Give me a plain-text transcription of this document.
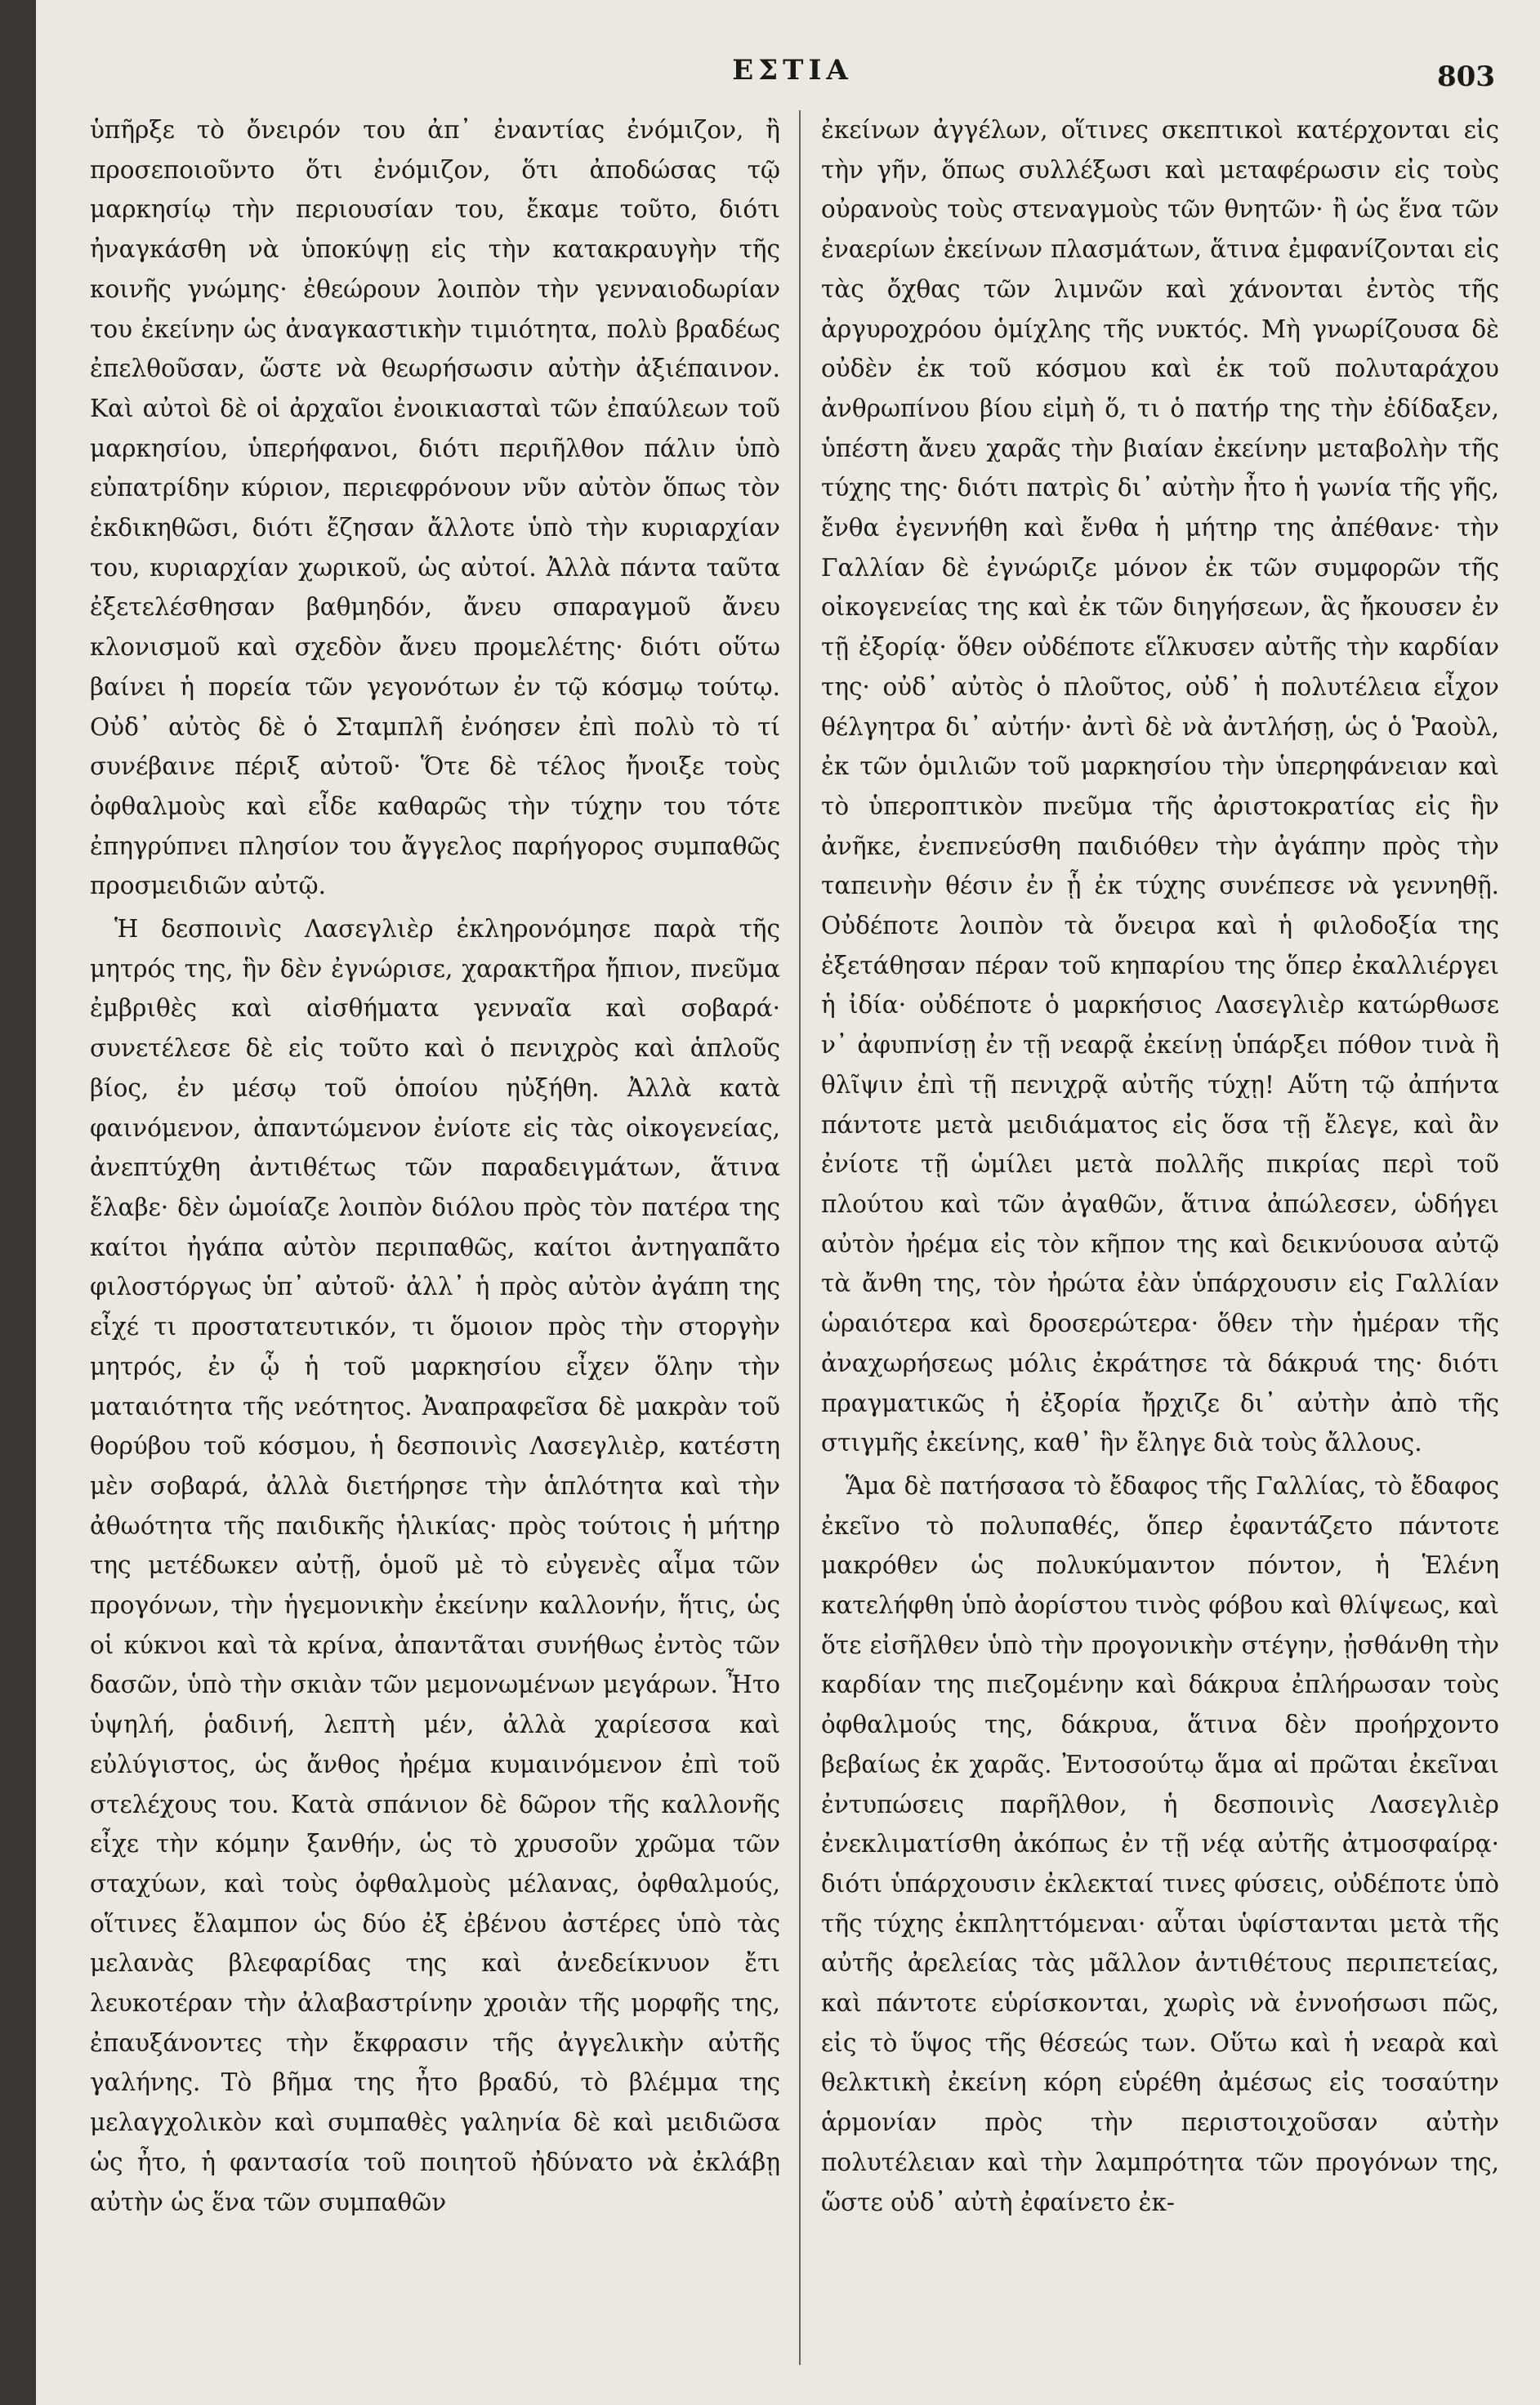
ΕΣΤΙΑ	803

ὑπῆρξε τὸ ὄνειρόν του ἀπ᾽ ἐναντίας ἐνόμιζον, ἢ προσεποιοῦντο ὅτι ἐνόμιζον, ὅτι ἀποδώσας τῷ μαρκησίῳ τὴν περιουσίαν του, ἔκαμε τοῦτο, διότι ἠναγκάσθη νὰ ὑποκύψῃ εἰς τὴν κατακραυγὴν τῆς κοινῆς γνώμης· ἐθεώρουν λοιπὸν τὴν γενναιοδωρίαν του ἐκείνην ὡς ἀναγκαστικὴν τιμιότητα, πολὺ βραδέως ἐπελθοῦσαν, ὥστε νὰ θεωρήσωσιν αὐτὴν ἀξιέπαινον. Καὶ αὐτοὶ δὲ οἱ ἀρχαῖοι ἐνοικιασταὶ τῶν ἐπαύλεων τοῦ μαρκησίου, ὑπερήφανοι, διότι περιῆλθον πάλιν ὑπὸ εὐπατρίδην κύριον, περιεφρόνουν νῦν αὐτὸν ὅπως τὸν ἐκδικηθῶσι, διότι ἔζησαν ἄλλοτε ὑπὸ τὴν κυριαρχίαν του, κυριαρχίαν χωρικοῦ, ὡς αὐτοί. Ἀλλὰ πάντα ταῦτα ἐξετελέσθησαν βαθμηδόν, ἄνευ σπαραγμοῦ ἄνευ κλονισμοῦ καὶ σχεδὸν ἄνευ προμελέτης· διότι οὕτω βαίνει ἡ πορεία τῶν γεγονότων ἐν τῷ κόσμῳ τούτῳ. Οὐδ᾽ αὐτὸς δὲ ὁ Σταμπλῆ ἐνόησεν ἐπὶ πολὺ τὸ τί συνέβαινε πέριξ αὐτοῦ· Ὅτε δὲ τέλος ἤνοιξε τοὺς ὀφθαλμοὺς καὶ εἶδε καθαρῶς τὴν τύχην του τότε ἐπηγρύπνει πλησίον του ἄγγελος παρήγορος συμπαθῶς προσμειδιῶν αὐτῷ.

Ἡ δεσποινὶς Λασεγλιὲρ ἐκληρονόμησε παρὰ τῆς μητρός της, ἣν δὲν ἐγνώρισε, χαρακτῆρα ἤπιον, πνεῦμα ἐμβριθὲς καὶ αἰσθήματα γενναῖα καὶ σοβαρά· συνετέλεσε δὲ εἰς τοῦτο καὶ ὁ πενιχρὸς καὶ ἁπλοῦς βίος, ἐν μέσῳ τοῦ ὁποίου ηὐξήθη. Ἀλλὰ κατὰ φαινόμενον, ἀπαντώμενον ἐνίοτε εἰς τὰς οἰκογενείας, ἀνεπτύχθη ἀντιθέτως τῶν παραδειγμάτων, ἅτινα ἔλαβε· δὲν ὡμοίαζε λοιπὸν διόλου πρὸς τὸν πατέρα της καίτοι ἠγάπα αὐτὸν περιπαθῶς, καίτοι ἀντηγαπᾶτο φιλοστόργως ὑπ᾽ αὐτοῦ· ἀλλ᾽ ἡ πρὸς αὐτὸν ἀγάπη της εἶχέ τι προστατευτικόν, τι ὅμοιον πρὸς τὴν στοργὴν μητρός, ἐν ᾧ ἡ τοῦ μαρκησίου εἶχεν ὅλην τὴν ματαιότητα τῆς νεότητος. Ἀναπραφεῖσα δὲ μακρὰν τοῦ θορύβου τοῦ κόσμου, ἡ δεσποινὶς Λασεγλιὲρ, κατέστη μὲν σοβαρά, ἀλλὰ διετήρησε τὴν ἁπλότητα καὶ τὴν ἀθωότητα τῆς παιδικῆς ἡλικίας· πρὸς τούτοις ἡ μήτηρ της μετέδωκεν αὐτῇ, ὁμοῦ μὲ τὸ εὐγενὲς αἷμα τῶν προγόνων, τὴν ἡγεμονικὴν ἐκείνην καλλονήν, ἥτις, ὡς οἱ κύκνοι καὶ τὰ κρίνα, ἀπαντᾶται συνήθως ἐντὸς τῶν δασῶν, ὑπὸ τὴν σκιὰν τῶν μεμονωμένων μεγάρων. Ἦτο ὑψηλή, ῥαδινή, λεπτὴ μέν, ἀλλὰ χαρίεσσα καὶ εὐλύγιστος, ὡς ἄνθος ἠρέμα κυμαινόμενον ἐπὶ τοῦ στελέχους του. Κατὰ σπάνιον δὲ δῶρον τῆς καλλονῆς εἶχε τὴν κόμην ξανθήν, ὡς τὸ χρυσοῦν χρῶμα τῶν σταχύων, καὶ τοὺς ὀφθαλμοὺς μέλανας, ὀφθαλμούς, οἵτινες ἔλαμπον ὡς δύο ἐξ ἐβένου ἀστέρες ὑπὸ τὰς μελανὰς βλεφαρίδας της καὶ ἀνεδείκνυον ἔτι λευκοτέραν τὴν ἀλαβαστρίνην χροιὰν τῆς μορφῆς της, ἐπαυξάνοντες τὴν ἔκφρασιν τῆς ἀγγελικὴν αὐτῆς γαλήνης. Τὸ βῆμα της ἦτο βραδύ, τὸ βλέμμα της μελαγχολικὸν καὶ συμπαθὲς γαληνία δὲ καὶ μειδιῶσα ὡς ἦτο, ἡ φαντασία τοῦ ποιητοῦ ἠδύνατο νὰ ἐκλάβῃ αὐτὴν ὡς ἕνα τῶν συμπαθῶν

ἐκείνων ἀγγέλων, οἵτινες σκεπτικοὶ κατέρχονται εἰς τὴν γῆν, ὅπως συλλέξωσι καὶ μεταφέρωσιν εἰς τοὺς οὐρανοὺς τοὺς στεναγμοὺς τῶν θνητῶν· ἢ ὡς ἕνα τῶν ἐναερίων ἐκείνων πλασμάτων, ἅτινα ἐμφανίζονται εἰς τὰς ὄχθας τῶν λιμνῶν καὶ χάνονται ἐντὸς τῆς ἀργυροχρόου ὁμίχλης τῆς νυκτός. Μὴ γνωρίζουσα δὲ οὐδὲν ἐκ τοῦ κόσμου καὶ ἐκ τοῦ πολυταράχου ἀνθρωπίνου βίου εἰμὴ ὅ, τι ὁ πατήρ της τὴν ἐδίδαξεν, ὑπέστη ἄνευ χαρᾶς τὴν βιαίαν ἐκείνην μεταβολὴν τῆς τύχης της· διότι πατρὶς δι᾽ αὐτὴν ἦτο ἡ γωνία τῆς γῆς, ἔνθα ἐγεννήθη καὶ ἔνθα ἡ μήτηρ της ἀπέθανε· τὴν Γαλλίαν δὲ ἐγνώριζε μόνον ἐκ τῶν συμφορῶν τῆς οἰκογενείας της καὶ ἐκ τῶν διηγήσεων, ἃς ἤκουσεν ἐν τῇ ἐξορίᾳ· ὅθεν οὐδέποτε εἵλκυσεν αὐτῆς τὴν καρδίαν της· οὐδ᾽ αὐτὸς ὁ πλοῦτος, οὐδ᾽ ἡ πολυτέλεια εἶχον θέλγητρα δι᾽ αὐτήν· ἀντὶ δὲ νὰ ἀντλήσῃ, ὡς ὁ Ῥαοὺλ, ἐκ τῶν ὁμιλιῶν τοῦ μαρκησίου τὴν ὑπερηφάνειαν καὶ τὸ ὑπεροπτικὸν πνεῦμα τῆς ἀριστοκρατίας εἰς ἣν ἀνῆκε, ἐνεπνεύσθη παιδιόθεν τὴν ἀγάπην πρὸς τὴν ταπεινὴν θέσιν ἐν ᾗ ἐκ τύχης συνέπεσε νὰ γεννηθῇ. Οὐδέποτε λοιπὸν τὰ ὄνειρα καὶ ἡ φιλοδοξία της ἐξετάθησαν πέραν τοῦ κηπαρίου της ὅπερ ἐκαλλιέργει ἡ ἰδία· οὐδέποτε ὁ μαρκήσιος Λασεγλιὲρ κατώρθωσε ν᾽ ἀφυπνίσῃ ἐν τῇ νεαρᾷ ἐκείνῃ ὑπάρξει πόθον τινὰ ἢ θλῖψιν ἐπὶ τῇ πενιχρᾷ αὐτῆς τύχῃ! Αὕτη τῷ ἀπήντα πάντοτε μετὰ μειδιάματος εἰς ὅσα τῇ ἔλεγε, καὶ ἂν ἐνίοτε τῇ ὡμίλει μετὰ πολλῆς πικρίας περὶ τοῦ πλούτου καὶ τῶν ἀγαθῶν, ἅτινα ἀπώλεσεν, ὡδήγει αὐτὸν ἠρέμα εἰς τὸν κῆπον της καὶ δεικνύουσα αὐτῷ τὰ ἄνθη της, τὸν ἠρώτα ἐὰν ὑπάρχουσιν εἰς Γαλλίαν ὡραιότερα καὶ δροσερώτερα· ὅθεν τὴν ἡμέραν τῆς ἀναχωρήσεως μόλις ἐκράτησε τὰ δάκρυά της· διότι πραγματικῶς ἡ ἐξορία ἤρχιζε δι᾽ αὐτὴν ἀπὸ τῆς στιγμῆς ἐκείνης, καθ᾽ ἣν ἔληγε διὰ τοὺς ἄλλους.

Ἅμα δὲ πατήσασα τὸ ἔδαφος τῆς Γαλλίας, τὸ ἔδαφος ἐκεῖνο τὸ πολυπαθές, ὅπερ ἐφαντάζετο πάντοτε μακρόθεν ὡς πολυκύμαντον πόντον, ἡ Ἑλένη κατελήφθη ὑπὸ ἀορίστου τινὸς φόβου καὶ θλίψεως, καὶ ὅτε εἰσῆλθεν ὑπὸ τὴν προγονικὴν στέγην, ᾐσθάνθη τὴν καρδίαν της πιεζομένην καὶ δάκρυα ἐπλήρωσαν τοὺς ὀφθαλμούς της, δάκρυα, ἅτινα δὲν προήρχοντο βεβαίως ἐκ χαρᾶς. Ἐντοσούτῳ ἅμα αἱ πρῶται ἐκεῖναι ἐντυπώσεις παρῆλθον, ἡ δεσποινὶς Λασεγλιὲρ ἐνεκλιματίσθη ἀκόπως ἐν τῇ νέᾳ αὐτῆς ἀτμοσφαίρᾳ· διότι ὑπάρχουσιν ἐκλεκταί τινες φύσεις, οὐδέποτε ὑπὸ τῆς τύχης ἐκπληττόμεναι· αὗται ὑφίστανται μετὰ τῆς αὐτῆς ἀρελείας τὰς μᾶλλον ἀντιθέτους περιπετείας, καὶ πάντοτε εὑρίσκονται, χωρὶς νὰ ἐννοήσωσι πῶς, εἰς τὸ ὕψος τῆς θέσεώς των. Οὕτω καὶ ἡ νεαρὰ καὶ θελκτικὴ ἐκείνη κόρη εὑρέθη ἀμέσως εἰς τοσαύτην ἁρμονίαν πρὸς τὴν περιστοιχοῦσαν αὐτὴν πολυτέλειαν καὶ τὴν λαμπρότητα τῶν προγόνων της, ὥστε οὐδ᾽ αὐτὴ ἐφαίνετο ἐκ-
